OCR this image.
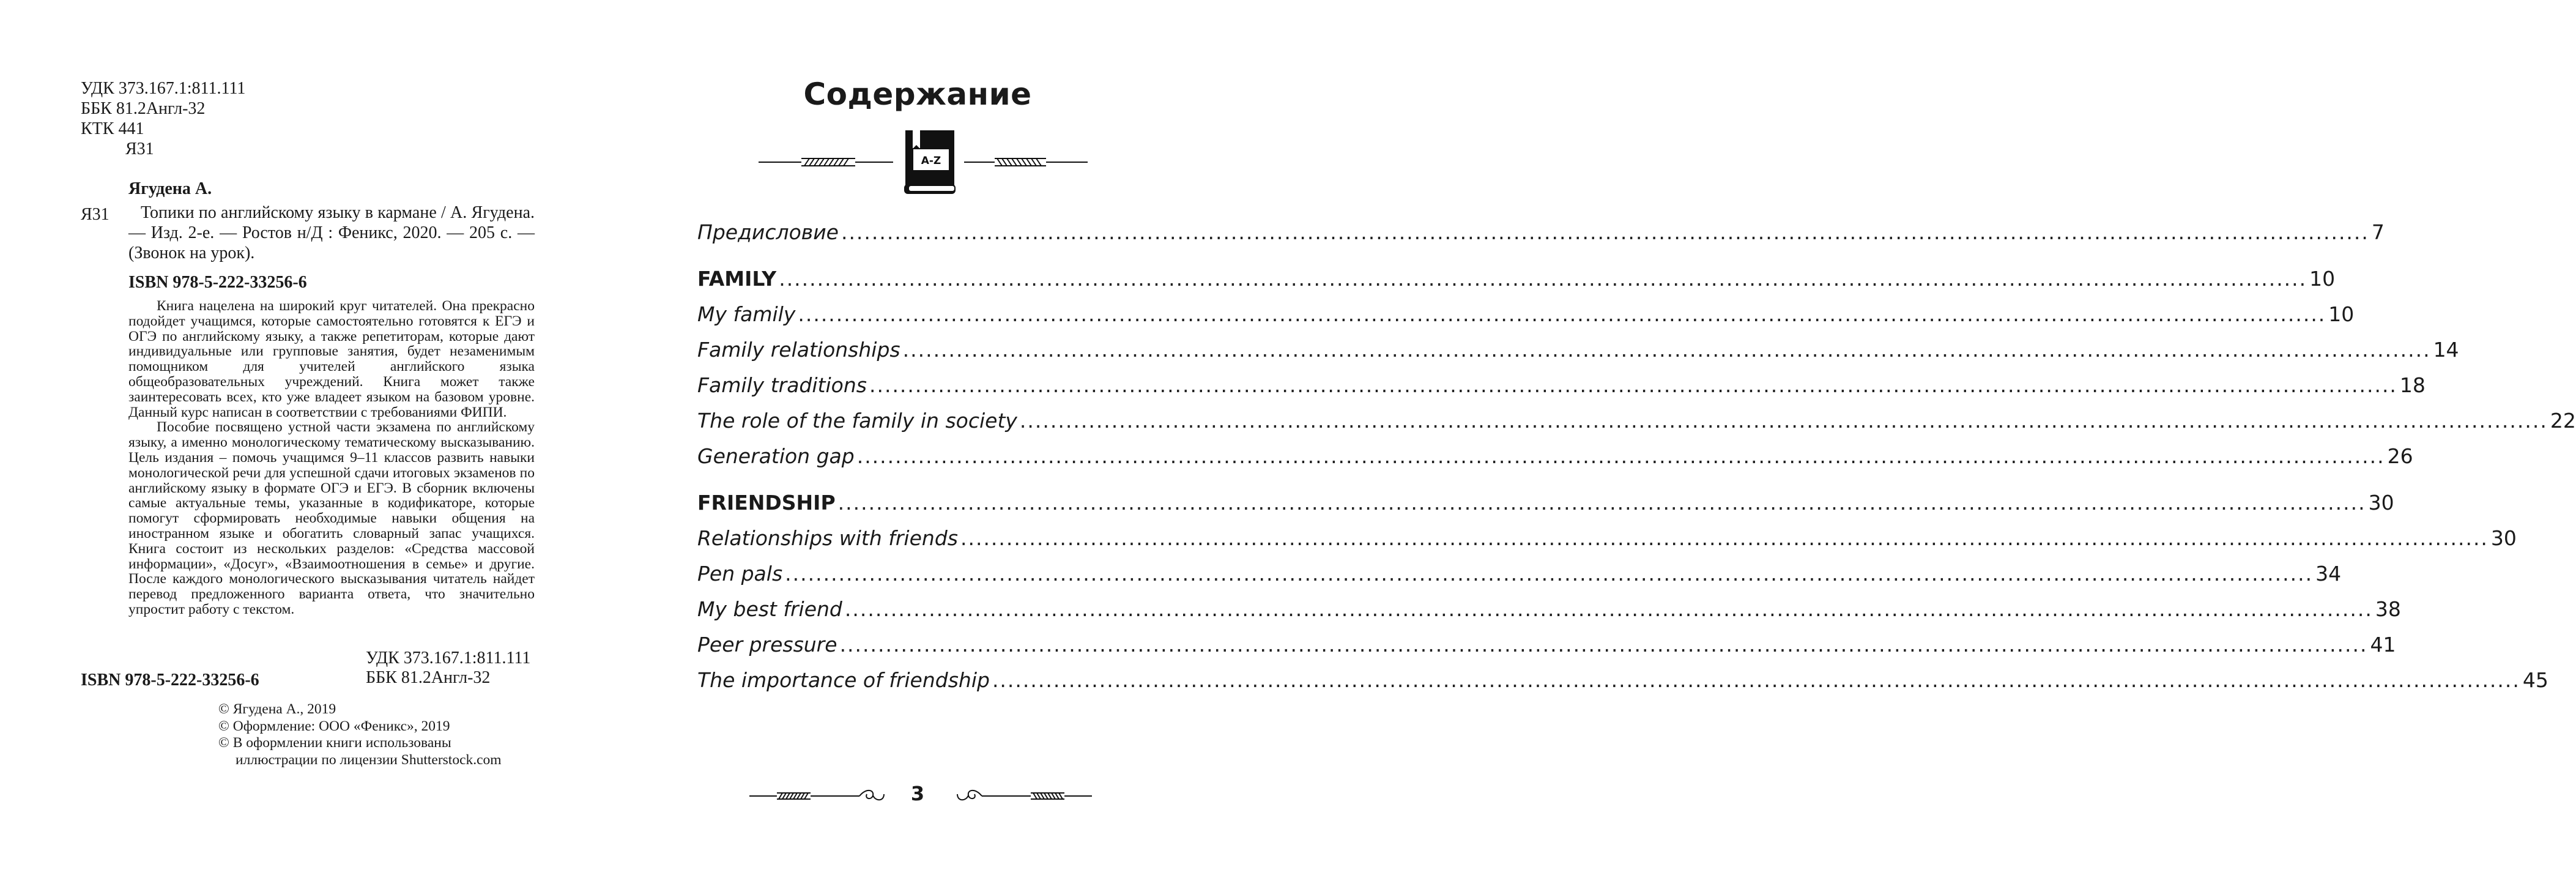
УДК 373.167.1:811.111
ББК 81.2Англ-32
КТК 441
Я31
Ягудена А.
Я31	Топики по английскому языку в кармане / А. Ягудена. — Изд. 2-е. — Ростов н/Д : Феникс, 2020. — 205 с. — (Звонок на урок).
ISBN 978-5-222-33256-6

Книга нацелена на широкий круг читателей. Она прекрасно подойдет учащимся, которые самостоятельно готовятся к ЕГЭ и ОГЭ по английскому языку, а также репетиторам, которые дают индивидуальные или групповые занятия, будет незаменимым помощником для учителей английского языка общеобразовательных учреждений. Книга может также заинтересовать всех, кто уже владеет языком на базовом уровне. Данный курс написан в соответствии с требованиями ФИПИ.

Пособие посвящено устной части экзамена по английскому языку, а именно монологическому тематическому высказыванию. Цель издания – помочь учащимся 9–11 классов развить навыки монологической речи для успешной сдачи итоговых экзаменов по английскому языку в формате ОГЭ и ЕГЭ. В сборник включены самые актуальные темы, указанные в кодификаторе, которые помогут сформировать необходимые навыки общения на иностранном языке и обогатить словарный запас учащихся. Книга состоит из нескольких разделов: «Средства массовой информации», «Досуг», «Взаимоотношения в семье» и другие. После каждого монологического высказывания читатель найдет перевод предложенного варианта ответа, что значительно упростит работу с текстом.

УДК 373.167.1:811.111
ББК 81.2Англ-32
ISBN 978-5-222-33256-6
© Ягудена А., 2019
© Оформление: ООО «Феникс», 2019
© В оформлении книги использованы
иллюстрации по лицензии Shutterstock.com
Содержание
A-Z
Предисловие ........................................................................................................................................................................................................ 7
FAMILY ........................................................................................................................................................................................................ 10
My family ........................................................................................................................................................................................................ 10
Family relationships ........................................................................................................................................................................................................ 14
Family traditions ........................................................................................................................................................................................................ 18
The role of the family in society ........................................................................................................................................................................................................ 22
Generation gap ........................................................................................................................................................................................................ 26
FRIENDSHIP ........................................................................................................................................................................................................ 30
Relationships with friends ........................................................................................................................................................................................................ 30
Pen pals ........................................................................................................................................................................................................ 34
My best friend ........................................................................................................................................................................................................ 38
Peer pressure ........................................................................................................................................................................................................ 41
The importance of friendship ........................................................................................................................................................................................................ 45
3
